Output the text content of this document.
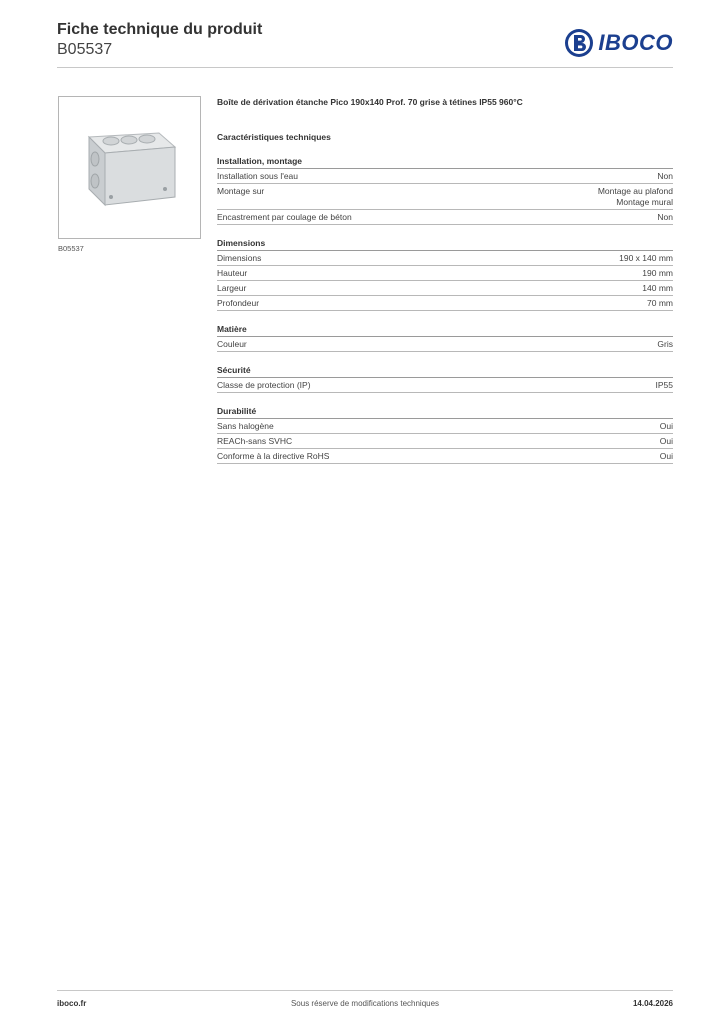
Fiche technique du produit
B05537	IBOCO
B05537
Boîte de dérivation étanche Pico 190x140 Prof. 70 grise à tétines IP55 960°C
Caractéristiques techniques
Installation, montage
Installation sous l'eau	Non
Montage sur	Montage au plafond
Montage mural
Encastrement par coulage de béton	Non
Dimensions
Dimensions	190 x 140 mm
Hauteur	190 mm
Largeur	140 mm
Profondeur	70 mm
Matière
Couleur	Gris
Sécurité
Classe de protection (IP)	IP55
Durabilité
Sans halogène	Oui
REACh-sans SVHC	Oui
Conforme à la directive RoHS	Oui
iboco.fr	Sous réserve de modifications techniques	14.04.2026
